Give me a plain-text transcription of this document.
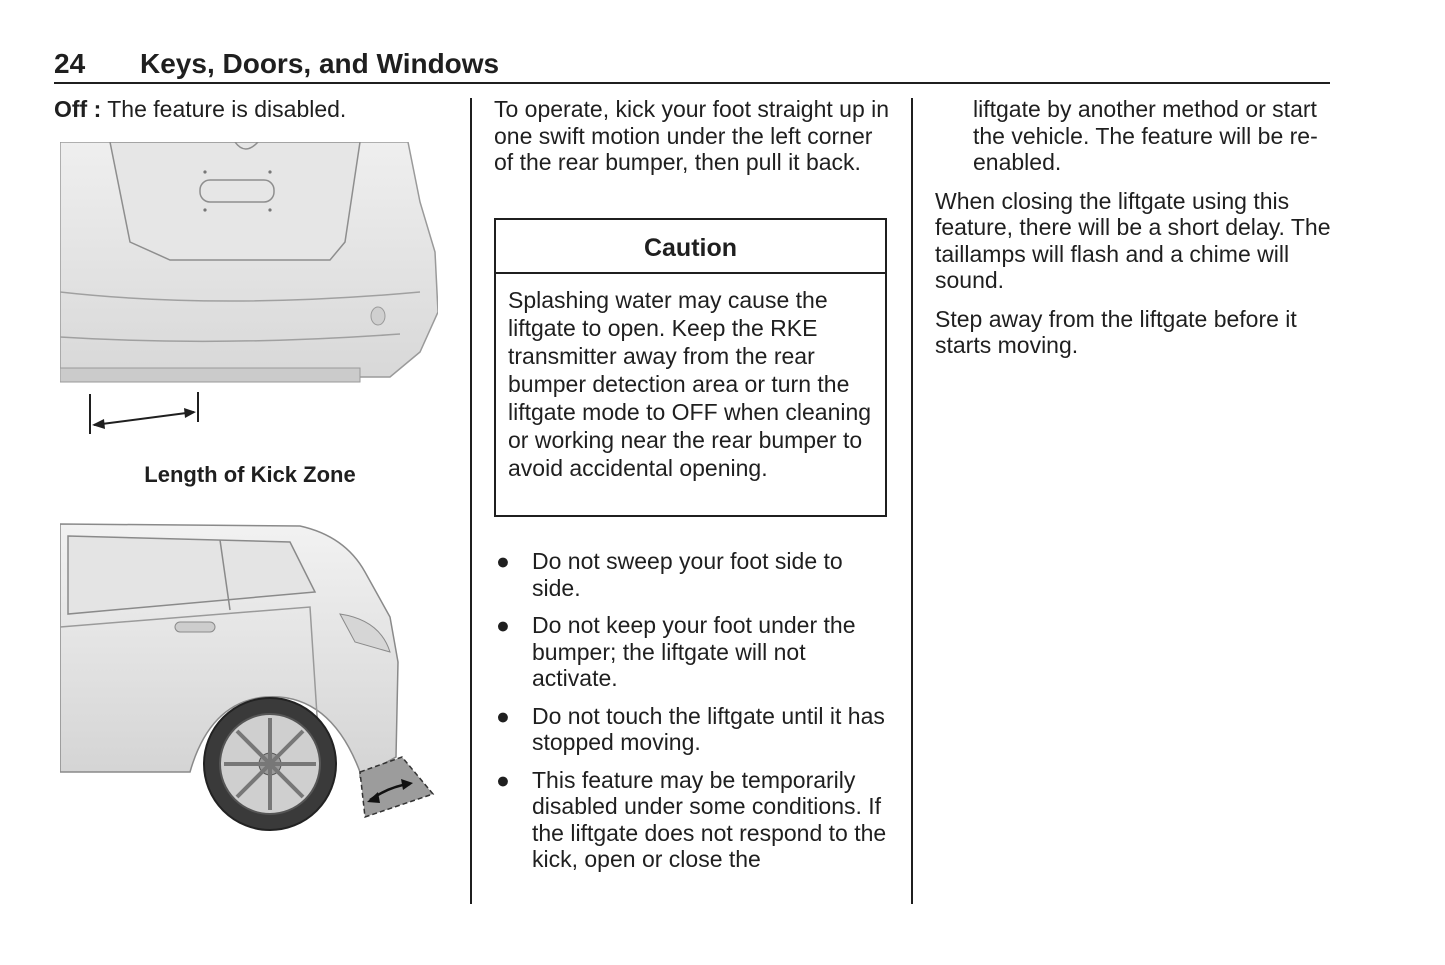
24 Keys, Doors, and Windows

Off : The feature is disabled.

Length of Kick Zone

To operate, kick your foot straight up in one swift motion under the left corner of the rear bumper, then pull it back.

Caution
Splashing water may cause the liftgate to open. Keep the RKE transmitter away from the rear bumper detection area or turn the liftgate mode to OFF when cleaning or working near the rear bumper to avoid accidental opening.
● Do not sweep your foot side to side.
● Do not keep your foot under the bumper; the liftgate will not activate.
● Do not touch the liftgate until it has stopped moving.
● This feature may be temporarily disabled under some conditions. If the liftgate does not respond to the kick, open or close the

liftgate by another method or start the vehicle. The feature will be re-enabled.

When closing the liftgate using this feature, there will be a short delay. The taillamps will flash and a chime will sound.

Step away from the liftgate before it starts moving.
